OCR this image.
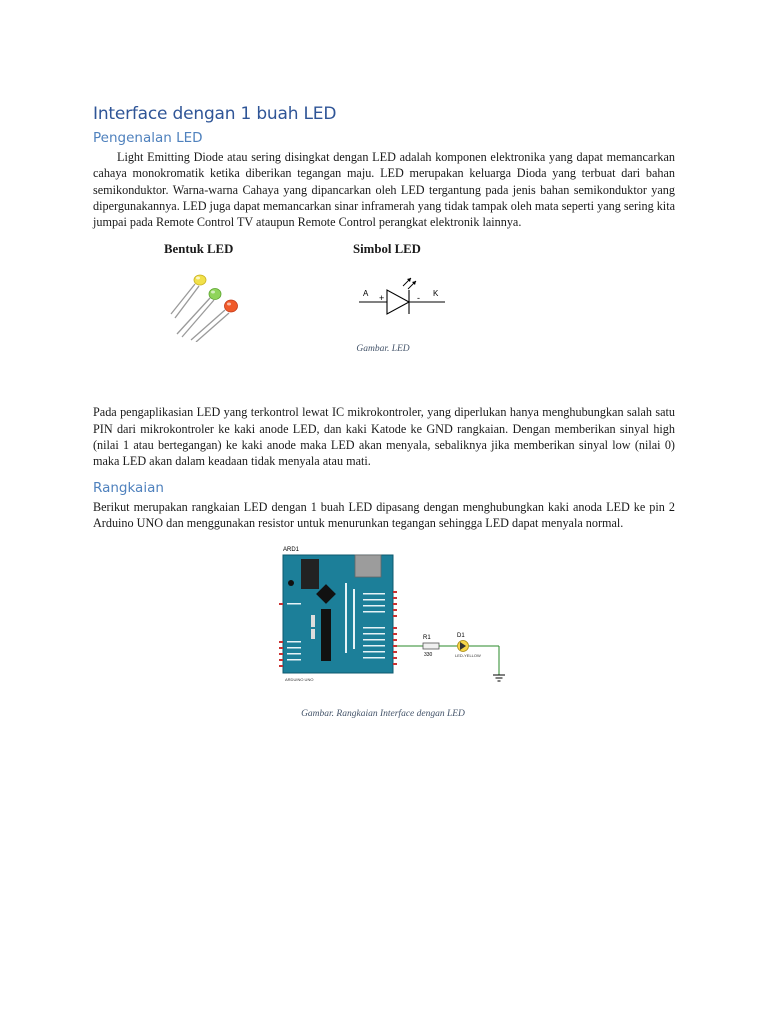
Interface dengan 1 buah LED
Pengenalan LED

Light Emitting Diode atau sering disingkat dengan LED adalah komponen elektronika yang dapat memancarkan cahaya monokromatik ketika diberikan tegangan maju. LED merupakan keluarga Dioda yang terbuat dari bahan semikonduktor. Warna-warna Cahaya yang dipancarkan oleh LED tergantung pada jenis bahan semikonduktor yang dipergunakannya. LED juga dapat memancarkan sinar inframerah yang tidak tampak oleh mata seperti yang sering kita jumpai pada Remote Control TV ataupun Remote Control perangkat elektronik lainnya.

Bentuk LED	Simbol LED
A +	- K
Gambar. LED

Pada pengaplikasian LED yang terkontrol lewat IC mikrokontroler, yang diperlukan hanya menghubungkan salah satu PIN dari mikrokontroler ke kaki anode LED, dan kaki Katode ke GND rangkaian. Dengan memberikan sinyal high (nilai 1 atau bertegangan) ke kaki anode maka LED akan menyala, sebaliknya jika memberikan sinyal low (nilai 0) maka LED akan dalam keadaan tidak menyala atau mati.

Rangkaian

Berikut merupakan rangkaian LED dengan 1 buah LED dipasang dengan menghubungkan kaki anoda LED ke pin 2 Arduino UNO dan menggunakan resistor untuk menurunkan tegangan sehingga LED dapat menyala normal.

ARD1
ARDUINO UNO
R1
330
D1
LED-YELLOW
Gambar. Rangkaian Interface dengan LED
